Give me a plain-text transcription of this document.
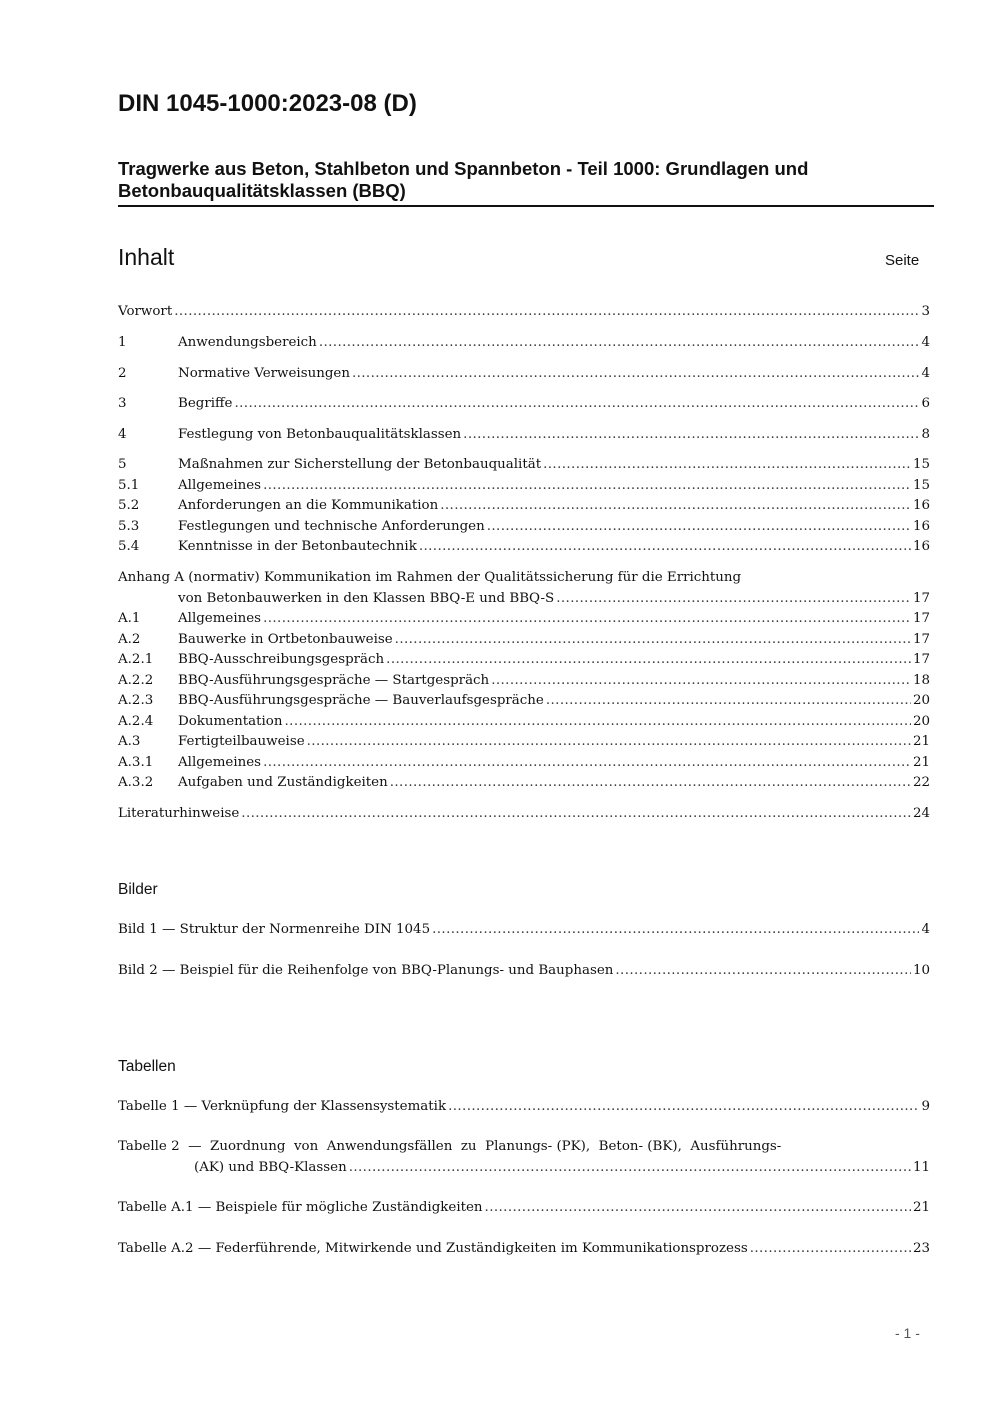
DIN 1045-1000:2023-08 (D)
Tragwerke aus Beton, Stahlbeton und Spannbeton - Teil 1000: Grundlagen und Betonbauqualitätsklassen (BBQ)
Inhalt	Seite
Vorwort .....	3
1	Anwendungsbereich .....	4
2	Normative Verweisungen .....	4
3	Begriffe .....	6
4	Festlegung von Betonbauqualitätsklassen .....	8
5	Maßnahmen zur Sicherstellung der Betonbauqualität .....	15
5.1	Allgemeines .....	15
5.2	Anforderungen an die Kommunikation .....	16
5.3	Festlegungen und technische Anforderungen .....	16
5.4	Kenntnisse in der Betonbautechnik .....	16
Anhang A (normativ) Kommunikation im Rahmen der Qualitätssicherung für die Errichtung
von Betonbauwerken in den Klassen BBQ-E und BBQ-S .....	17
A.1	Allgemeines .....	17
A.2	Bauwerke in Ortbetonbauweise .....	17
A.2.1	BBQ-Ausschreibungsgespräch .....	17
A.2.2	BBQ-Ausführungsgespräche — Startgespräch .....	18
A.2.3	BBQ-Ausführungsgespräche — Bauverlaufsgespräche .....	20
A.2.4	Dokumentation .....	20
A.3	Fertigteilbauweise .....	21
A.3.1	Allgemeines .....	21
A.3.2	Aufgaben und Zuständigkeiten .....	22
Literaturhinweise .....	24
Bilder
Bild 1 — Struktur der Normenreihe DIN 1045 .....	4
Bild 2 — Beispiel für die Reihenfolge von BBQ-Planungs- und Bauphasen .....	10
Tabellen
Tabelle 1 — Verknüpfung der Klassensystematik .....	9
Tabelle 2  —  Zuordnung  von  Anwendungsfällen  zu  Planungs- (PK),  Beton- (BK),  Ausführungs-
(AK) und BBQ-Klassen .....	11
Tabelle A.1 — Beispiele für mögliche Zuständigkeiten .....	21
Tabelle A.2 — Federführende, Mitwirkende und Zuständigkeiten im Kommunikationsprozess .....	23
- 1 -
